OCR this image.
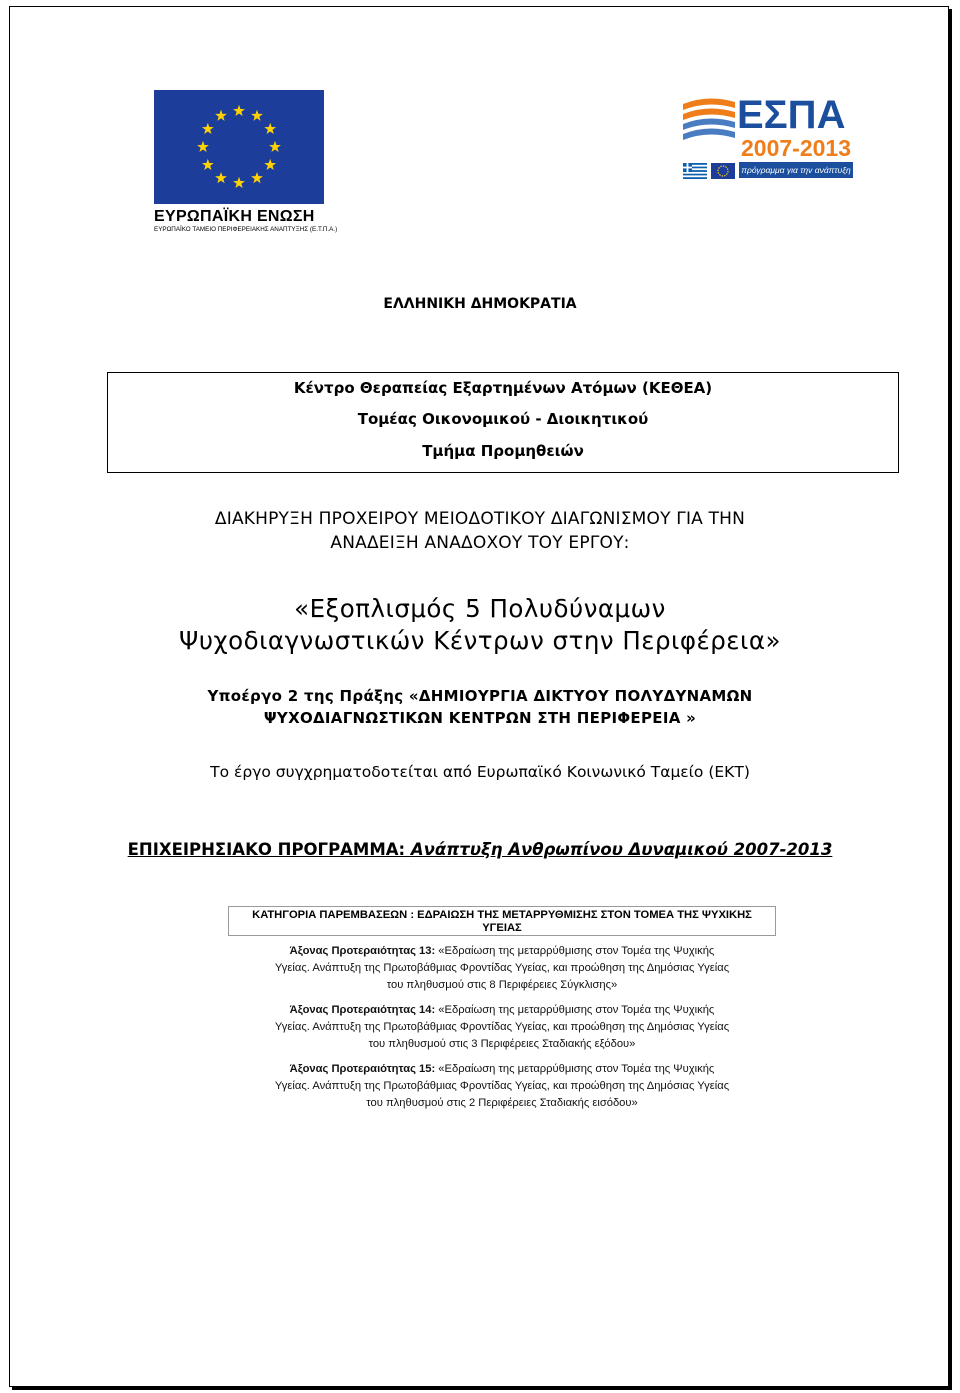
ΕΥΡΩΠΑΪΚΗ ΕΝΩΣΗ
ΕΥΡΩΠΑΪΚΟ ΤΑΜΕΙΟ ΠΕΡΙΦΕΡΕΙΑΚΗΣ ΑΝΑΠΤΥΞΗΣ (Ε.Τ.Π.Α.)
ΕΣΠΑ
2007-2013
πρόγραμμα για την ανάπτυξη
ΕΛΛΗΝΙΚΗ ΔΗΜΟΚΡΑΤΙΑ
Κέντρο Θεραπείας Εξαρτημένων Ατόμων (ΚΕΘΕΑ)
Τομέας Οικονομικού - Διοικητικού
Τμήμα Προμηθειών
ΔΙΑΚΗΡΥΞΗ ΠΡΟΧΕΙΡΟΥ ΜΕΙΟΔΟΤΙΚΟΥ ΔΙΑΓΩΝΙΣΜΟΥ ΓΙΑ ΤΗΝ
ΑΝΑΔΕΙΞΗ ΑΝΑΔΟΧΟΥ ΤΟΥ ΕΡΓΟΥ:
«Εξοπλισμός 5 Πολυδύναμων
Ψυχοδιαγνωστικών Κέντρων στην Περιφέρεια»
Υποέργο 2 της Πράξης «ΔΗΜΙΟΥΡΓΙΑ ΔΙΚΤΥΟΥ ΠΟΛΥΔΥΝΑΜΩΝ
ΨΥΧΟΔΙΑΓΝΩΣΤΙΚΩΝ ΚΕΝΤΡΩΝ ΣΤΗ ΠΕΡΙΦΕΡΕΙΑ »
Το έργο συγχρηματοδοτείται από Ευρωπαϊκό Κοινωνικό Ταμείο (ΕΚΤ)
ΕΠΙΧΕΙΡΗΣΙΑΚΟ ΠΡΟΓΡΑΜΜΑ: Ανάπτυξη Ανθρωπίνου Δυναμικού 2007-2013
ΚΑΤΗΓΟΡΙΑ ΠΑΡΕΜΒΑΣΕΩΝ : ΕΔΡΑΙΩΣΗ ΤΗΣ ΜΕΤΑΡΡΥΘΜΙΣΗΣ ΣΤΟΝ ΤΟΜΕΑ ΤΗΣ ΨΥΧΙΚΗΣ
ΥΓΕΙΑΣ
Άξονας Προτεραιότητας 13: «Εδραίωση της μεταρρύθμισης στον Τομέα της Ψυχικής
Υγείας. Ανάπτυξη της Πρωτοβάθμιας Φροντίδας Υγείας, και προώθηση της Δημόσιας Υγείας
του πληθυσμού στις 8 Περιφέρειες Σύγκλισης»
Άξονας Προτεραιότητας 14: «Εδραίωση της μεταρρύθμισης στον Τομέα της Ψυχικής
Υγείας. Ανάπτυξη της Πρωτοβάθμιας Φροντίδας Υγείας, και προώθηση της Δημόσιας Υγείας
του πληθυσμού στις 3 Περιφέρειες Σταδιακής εξόδου»
Άξονας Προτεραιότητας 15: «Εδραίωση της μεταρρύθμισης στον Τομέα της Ψυχικής
Υγείας. Ανάπτυξη της Πρωτοβάθμιας Φροντίδας Υγείας, και προώθηση της Δημόσιας Υγείας
του πληθυσμού στις 2 Περιφέρειες Σταδιακής εισόδου»
